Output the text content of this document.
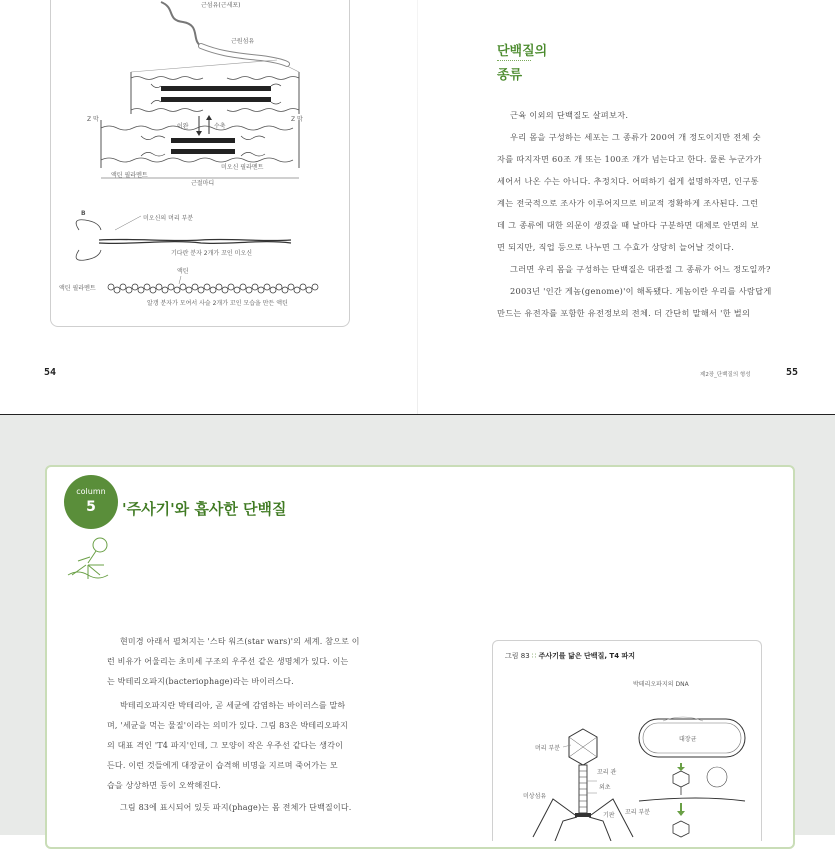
근섬유(근세포)
근원섬유
Z 막	Z 막
이완	수축
미오신 필라멘트
액틴 필라멘트
근절마디
B
미오신의 머리 부분
기다란 분자 2개가 꼬인 미오신
액틴
액틴 필라멘트
알갱 분자가 모여서 사슬 2개가 꼬인 모습을 만든 액틴
단백질의
종류
근육 이외의 단백질도 살펴보자.
우리 몸을 구성하는 세포는 그 종류가 200여 개 정도이지만 전체 숫
자를 따지자면 60조 개 또는 100조 개가 넘는다고 한다. 물론 누군가가
세어서 나온 수는 아니다. 추정치다. 어떠하기 쉽게 설명하자면, 인구통
계는 전국적으로 조사가 이루어지므로 비교적 정확하게 조사된다. 그런
데 그 종류에 대한 의문이 생겼을 때 날마다 구분하면 대체로 안면의 보
면 되지만, 직업 등으로 나누면 그 수효가 상당히 늘어날 것이다.
그러면 우리 몸을 구성하는 단백질은 대관절 그 종류가 어느 정도일까?
2003년 '인간 게놈(genome)'이 해독됐다. 게놈이란 우리를 사람답게
만드는 유전자를 포함한 유전정보의 전체. 더 간단히 말해서 '한 벌의
54	제2장_단백질의 형성	55
column
5	'주사기'와 흡사한 단백질
현미경 아래서 펼쳐지는 '스타 워즈(star wars)'의 세계. 참으로 이
런 비유가 어울리는 초미세 구조의 우주선 같은 생명체가 있다. 이는
는 박테리오파지(bacteriophage)라는 바이러스다.
박테리오파지란 박테리아, 곧 세균에 감염하는 바이러스를 말하
며, '세균을 먹는 물질'이라는 의미가 있다. 그림 83은 박테리오파지
의 대표 격인 'T4 파지'인데, 그 모양이 작은 우주선 같다는 생각이
든다. 이런 것들에게 대장균이 습격해 비명을 지르며 죽어가는 모
습을 상상하면 등이 오싹해진다.
그림 83에 표시되어 있듯 파지(phage)는 몸 전체가 단백질이다.
그림 83 ∷ 주사기를 닮은 단백질, T4 파지
박테리오파지의 DNA
대장균
머리 부분
꼬리 관
외초
기판
미상섬유
꼬리 부분
